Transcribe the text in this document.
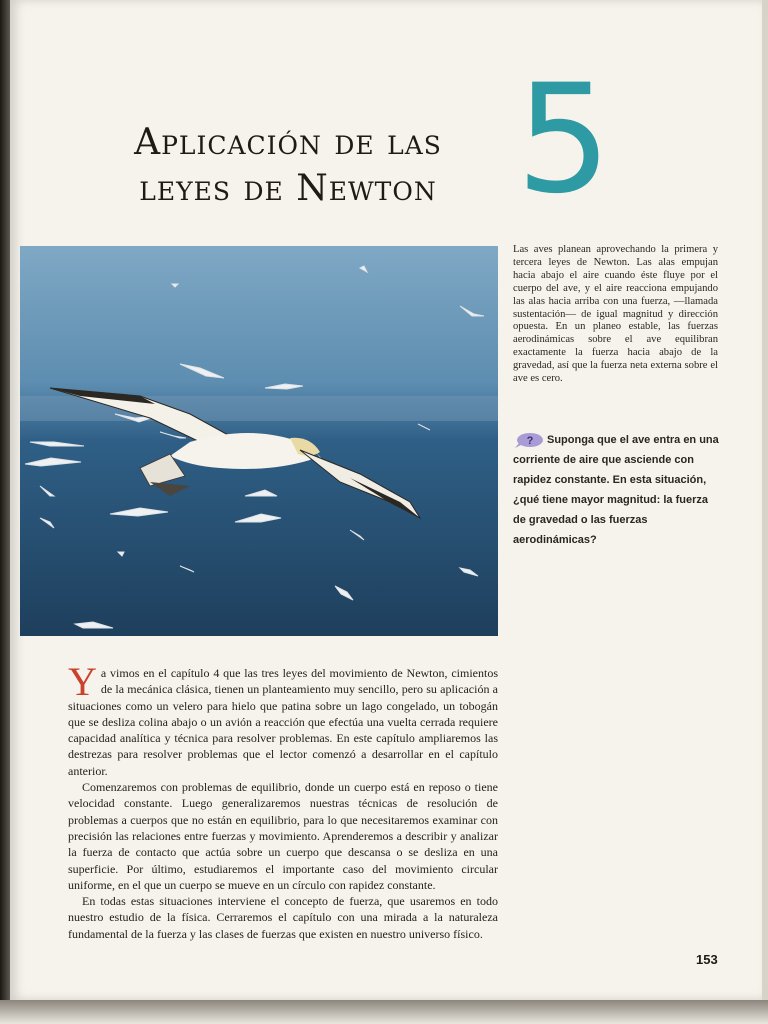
Aplicación de las
leyes de Newton 5

Las aves planean aprovechando la primera y tercera leyes de Newton. Las alas empujan hacia abajo el aire cuando éste fluye por el cuerpo del ave, y el aire reacciona empujando las alas hacia arriba con una fuerza, —llamada sustentación— de igual magnitud y dirección opuesta. En un planeo estable, las fuerzas aerodinámicas sobre el ave equilibran exactamente la fuerza hacia abajo de la gravedad, así que la fuerza neta externa sobre el ave es cero.

? Suponga que el ave entra en una corriente de aire que asciende con rapidez constante. En esta situación, ¿qué tiene mayor magnitud: la fuerza de gravedad o las fuerzas aerodinámicas?

Ya vimos en el capítulo 4 que las tres leyes del movimiento de Newton, cimientos de la mecánica clásica, tienen un planteamiento muy sencillo, pero su aplicación a situaciones como un velero para hielo que patina sobre un lago congelado, un tobogán que se desliza colina abajo o un avión a reacción que efectúa una vuelta cerrada requiere capacidad analítica y técnica para resolver problemas. En este capítulo ampliaremos las destrezas para resolver problemas que el lector comenzó a desarrollar en el capítulo anterior.

Comenzaremos con problemas de equilibrio, donde un cuerpo está en reposo o tiene velocidad constante. Luego generalizaremos nuestras técnicas de resolución de problemas a cuerpos que no están en equilibrio, para lo que necesitaremos examinar con precisión las relaciones entre fuerzas y movimiento. Aprenderemos a describir y analizar la fuerza de contacto que actúa sobre un cuerpo que descansa o se desliza en una superficie. Por último, estudiaremos el importante caso del movimiento circular uniforme, en el que un cuerpo se mueve en un círculo con rapidez constante.

En todas estas situaciones interviene el concepto de fuerza, que usaremos en todo nuestro estudio de la física. Cerraremos el capítulo con una mirada a la naturaleza fundamental de la fuerza y las clases de fuerzas que existen en nuestro universo físico.

153
